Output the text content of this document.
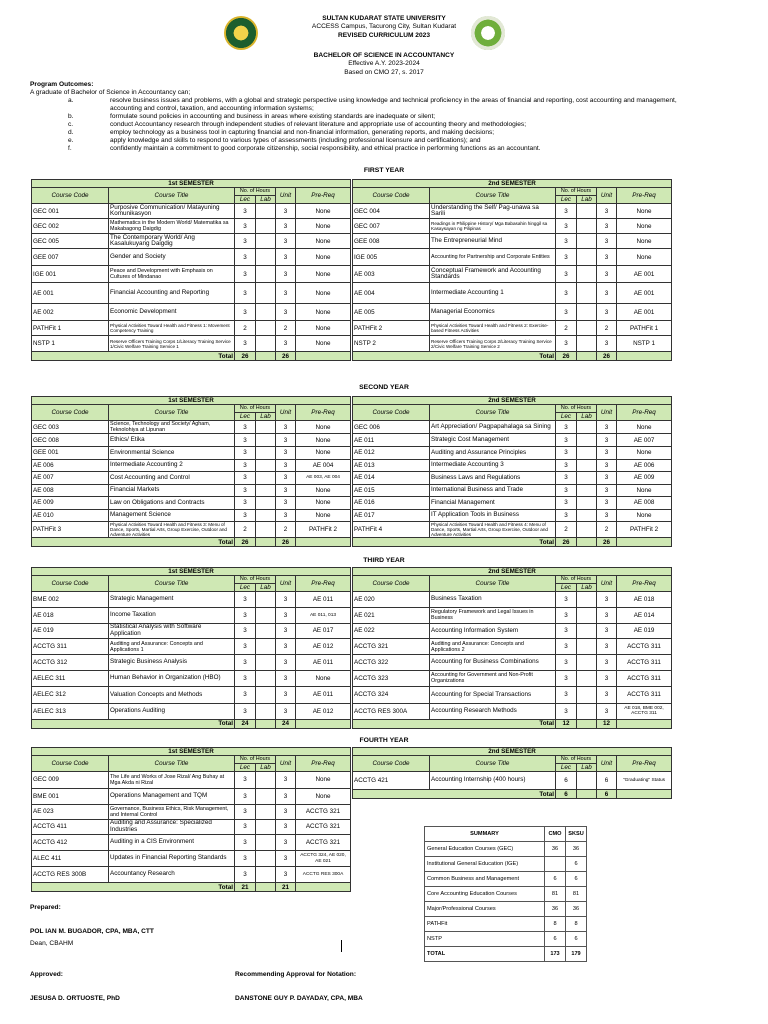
SULTAN KUDARAT STATE UNIVERSITY
ACCESS Campus, Tacurong City, Sultan Kudarat
REVISED CURRICULUM 2023
BACHELOR OF SCIENCE IN ACCOUNTANCY
Effective A.Y. 2023-2024
Based on CMO 27, s. 2017
Program Outcomes:
A graduate of Bachelor of Science in Accountancy can;
a.	resolve business issues and problems, with a global and strategic perspective using knowledge and technical proficiency in the areas of financial and reporting, cost accounting and management, accounting and control, taxation, and accounting information systems;
b.	formulate sound policies in accounting and business in areas where existing standards are inadequate or silent;
c.	conduct Accountancy research through independent studies of relevant literature and appropriate use of accounting theory and methodologies;
d.	employ technology as a business tool in capturing financial and non-financial information, generating reports, and making decisions;
e.	apply knowledge and skills to respond to various types of assessments (including professional licensure and certifications); and
f.	confidently maintain a commitment to good corporate citizenship, social responsibility, and ethical practice in performing functions as an accountant.
FIRST YEAR
1st SEMESTER					
Course Code	Course Title	No. of Hours		Unit	Pre-Req
		Lec	Lab		
GEC 001	Purposive Communication/ Matayuning Komunikasyon	3		3	None
GEC 002	Mathematics in the Modern World/ Matematika sa Makabagong Daigdig	3		3	None
GEC 005	The Contemporary World/ Ang Kasalukuyang Daigdig	3		3	None
GEE 007	Gender and Society	3		3	None
IGE 001	Peace and Development with Emphasis on Cultures of Mindanao	3		3	None
AE 001	Financial Accounting and Reporting	3		3	None
AE 002	Economic Development	3		3	None
PATHFit 1	Physical Activities Toward Health and Fitness 1: Movement Competency Training	2		2	None
NSTP 1	Reserve Officers Training Corps 1/Literacy Training Service 1/Civic Welfare Training Service 1	3		3	None
Total		26		26	
2nd SEMESTER					
Course Code	Course Title	No. of Hours		Unit	Pre-Req
		Lec	Lab		
GEC 004	Understanding the Self/ Pag-unawa sa Sarili	3		3	None
GEC 007	Readings in Philippine History/ Mga Babasahin hinggil sa Kasaysayan ng Pilipinas	3		3	None
GEE 008	The Entrepreneurial Mind	3		3	None
IGE 005	Accounting for Partnership and Corporate Entities	3		3	None
AE 003	Conceptual Framework and Accounting Standards	3		3	AE 001
AE 004	Intermediate Accounting 1	3		3	AE 001
AE 005	Managerial Economics	3		3	AE 001
PATHFit 2	Physical Activities Toward Health and Fitness 2: Exercise-based Fitness Activities	2		2	PATHFit 1
NSTP 2	Reserve Officers Training Corps 2/Literacy Training Service 2/Civic Welfare Training Service 2	3		3	NSTP 1
Total		26		26	
SECOND YEAR
1st SEMESTER					
Course Code	Course Title	No. of Hours		Unit	Pre-Req
		Lec	Lab		
GEC 003	Science, Technology and Society/ Agham, Teknolohiya at Lipunan	3		3	None
GEC 008	Ethics/ Etika	3		3	None
GEE 001	Environmental Science	3		3	None
AE 006	Intermediate Accounting 2	3		3	AE 004
AE 007	Cost Accounting and Control	3		3	AE 003, AE 004
AE 008	Financial Markets	3		3	None
AE 009	Law on Obligations and Contracts	3		3	None
AE 010	Management Science	3		3	None
PATHFit 3	Physical Activities Toward Health and Fitness 3: Menu of Dance, Sports, Martial Arts, Group Exercise, Outdoor and Adventure Activities	2		2	PATHFit 2
Total		26		26	
2nd SEMESTER					
Course Code	Course Title	No. of Hours		Unit	Pre-Req
		Lec	Lab		
GEC 006	Art Appreciation/ Pagpapahalaga sa Sining	3		3	None
AE 011	Strategic Cost Management	3		3	AE 007
AE 012	Auditing and Assurance Principles	3		3	None
AE 013	Intermediate Accounting 3	3		3	AE 006
AE 014	Business Laws and Regulations	3		3	AE 009
AE 015	International Business and Trade	3		3	None
AE 016	Financial Management	3		3	AE 008
AE 017	IT Application Tools in Business	3		3	None
PATHFit 4	Physical Activities Toward Health and Fitness 4: Menu of Dance, Sports, Martial Arts, Group Exercise, Outdoor and Adventure Activities	2		2	PATHFit 2
Total		26		26	
THIRD YEAR
1st SEMESTER					
Course Code	Course Title	No. of Hours		Unit	Pre-Req
		Lec	Lab		
BME 002	Strategic Management	3		3	AE 011
AE 018	Income Taxation	3		3	AE 011, 013
AE 019	Statistical Analysis with Software Application	3		3	AE 017
ACCTG 311	Auditing and Assurance: Concepts and Applications 1	3		3	AE 012
ACCTG 312	Strategic Business Analysis	3		3	AE 011
AELEC 311	Human Behavior in Organization (HBO)	3		3	None
AELEC 312	Valuation Concepts and Methods	3		3	AE 011
AELEC 313	Operations Auditing	3		3	AE 012
Total		24		24	
2nd SEMESTER					
Course Code	Course Title	No. of Hours		Unit	Pre-Req
		Lec	Lab		
AE 020	Business Taxation	3		3	AE 018
AE 021	Regulatory Framework and Legal Issues in Business	3		3	AE 014
AE 022	Accounting Information System	3		3	AE 019
ACCTG 321	Auditing and Assurance: Concepts and Applications 2	3		3	ACCTG 311
ACCTG 322	Accounting for Business Combinations	3		3	ACCTG 311
ACCTG 323	Accounting for Government and Non-Profit Organizations	3		3	ACCTG 311
ACCTG 324	Accounting for Special Transactions	3		3	ACCTG 311
ACCTG RES 300A	Accounting Research Methods	3		3	AE 018, BME 002, ACCTG 311
Total		12		12	
FOURTH YEAR
1st SEMESTER					
Course Code	Course Title	No. of Hours		Unit	Pre-Req
		Lec	Lab		
GEC 009	The Life and Works of Jose Rizal/ Ang Buhay at Mga Akda ni Rizal	3		3	None
BME 001	Operations Management and TQM	3		3	None
AE 023	Governance, Business Ethics, Risk Management, and Internal Control	3		3	ACCTG 321
ACCTG 411	Auditing and Assurance: Specialized Industries	3		3	ACCTG 321
ACCTG 412	Auditing in a CIS Environment	3		3	ACCTG 321
ALEC 411	Updates in Financial Reporting Standards	3		3	ACCTG 324, AE 020, AE 021
ACCTG RES 300B	Accountancy Research	3		3	ACCTG RES 300A
Total		21		21	
2nd SEMESTER					
Course Code	Course Title	No. of Hours		Unit	Pre-Req
		Lec	Lab		
ACCTG 421	Accounting Internship (400 hours)	6		6	"Graduating" Status
Total		6		6	
SUMMARY	CMO	SKSU
General Education Courses (GEC)	36	36
Institutional General Education (IGE)		6
Common Business and Management	6	6
Core Accounting Education Courses	81	81
Major/Professional Courses	36	36
PATHFit	8	8
NSTP	6	6
TOTAL	173	179
Prepared:
POL IAN M. BUGADOR, CPA, MBA, CTT
Dean, CBAHM
Approved:	Recommending Approval for Notation:
JESUSA D. ORTUOSTE, PhD	DANSTONE GUY P. DAYADAY, CPA, MBA
